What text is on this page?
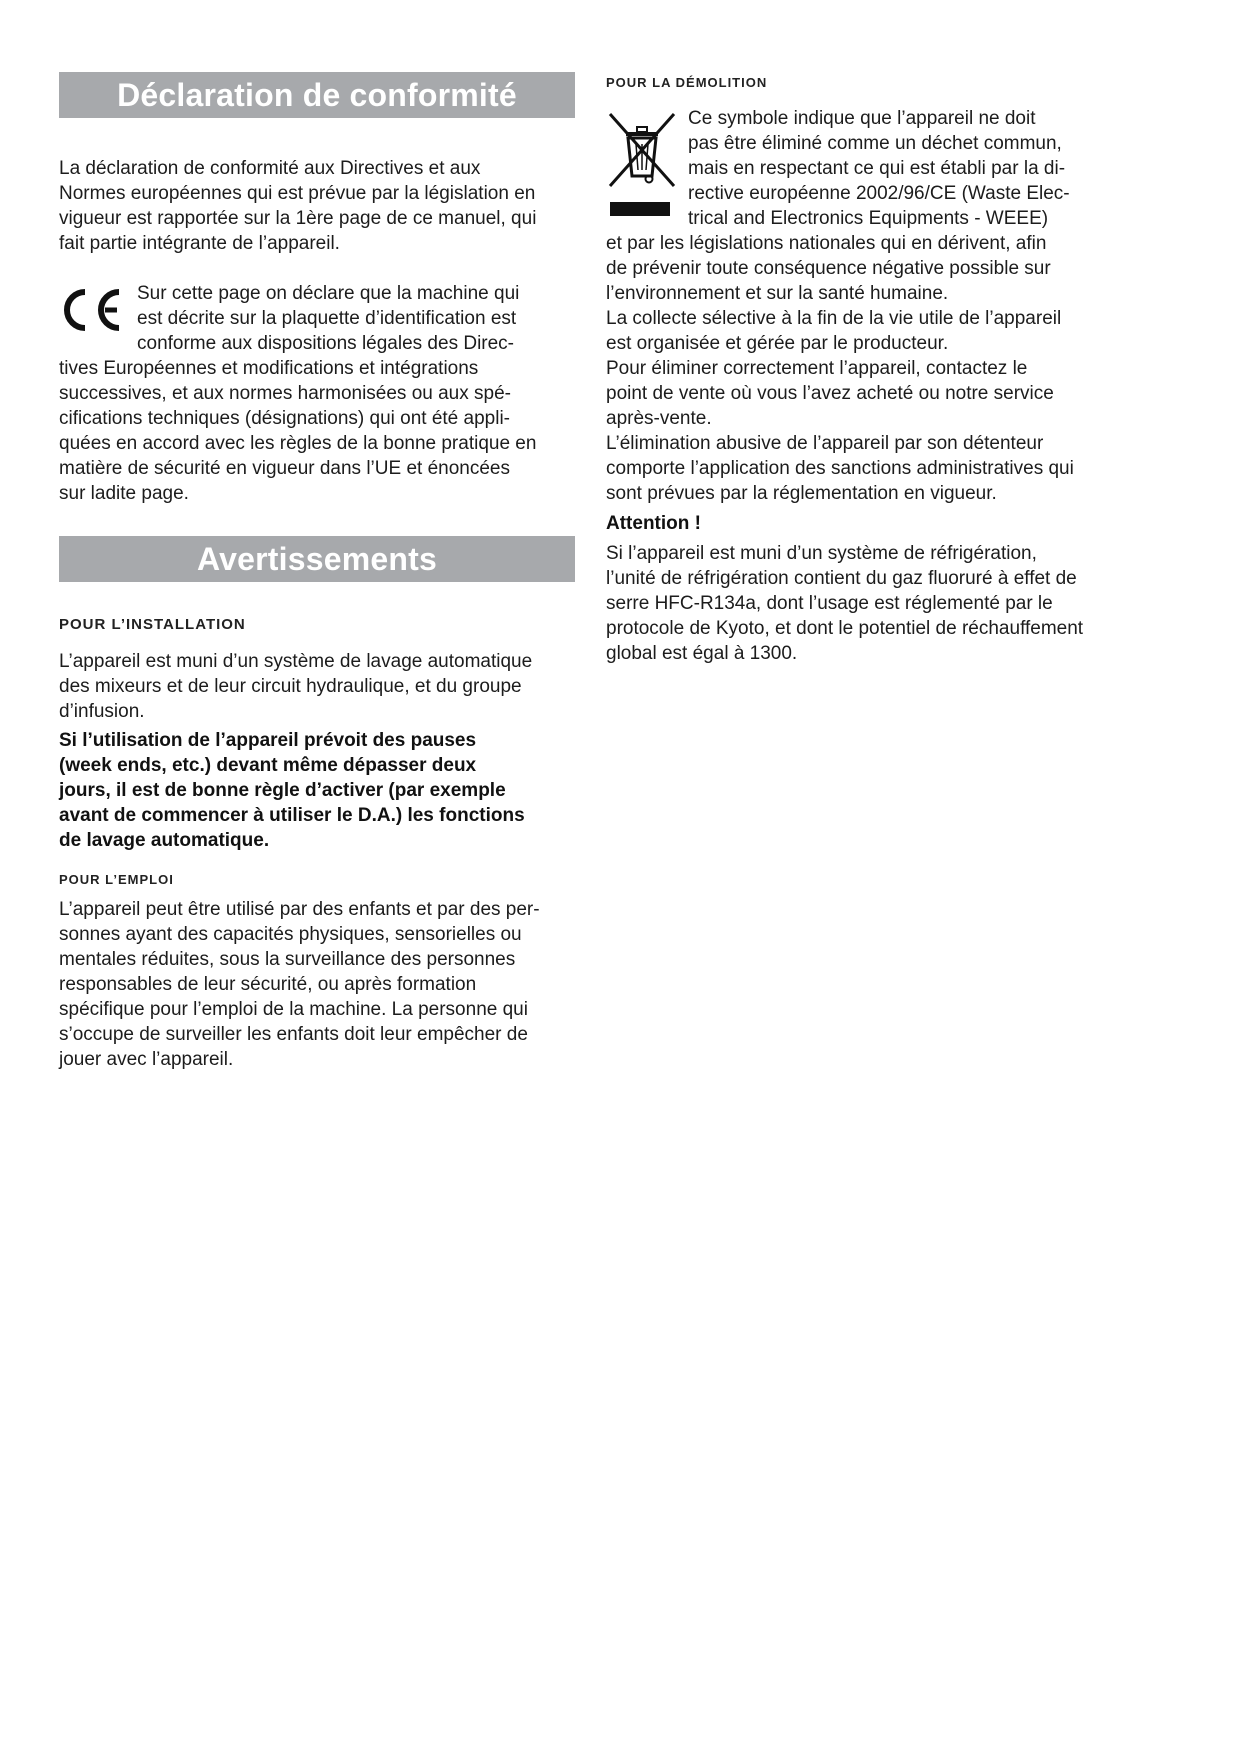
Déclaration de conformité
La déclaration de conformité aux Directives et aux
Normes européennes qui est prévue par la législation en
vigueur est rapportée sur la 1ère page de ce manuel, qui
fait partie intégrante de l’appareil.
Sur cette page on déclare que la machine qui
est décrite sur la plaquette d’identification est
conforme aux dispositions légales des Direc-
tives Européennes et modifications et intégrations
successives, et aux normes harmonisées ou aux spé-
cifications techniques (désignations) qui ont été appli-
quées en accord avec les règles de la bonne pratique en
matière de sécurité en vigueur dans l’UE et énoncées
sur ladite page.
Avertissements
POUR L’INSTALLATION
L’appareil est muni d’un système de lavage automatique
des mixeurs et de leur circuit hydraulique, et du groupe
d’infusion.
Si l’utilisation de l’appareil prévoit des pauses
(week ends, etc.) devant même dépasser deux
jours, il est de bonne règle d’activer (par exemple
avant de commencer à utiliser le D.A.) les fonctions
de lavage automatique.
POUR L’EMPLOI
L’appareil peut être utilisé par des enfants et par des per-
sonnes ayant des capacités physiques, sensorielles ou
mentales réduites, sous la surveillance des personnes
responsables de leur sécurité, ou après formation
spécifique pour l’emploi de la machine. La personne qui
s’occupe de surveiller les enfants doit leur empêcher de
jouer avec l’appareil.
POUR LA DÉMOLITION
Ce symbole indique que l’appareil ne doit
pas être éliminé comme un déchet commun,
mais en respectant ce qui est établi par la di-
rective européenne 2002/96/CE (Waste Elec-
trical and Electronics Equipments - WEEE)
et par les législations nationales qui en dérivent, afin
de prévenir toute conséquence négative possible sur
l’environnement et sur la santé humaine.
La collecte sélective à la fin de la vie utile de l’appareil
est organisée et gérée par le producteur.
Pour éliminer correctement l’appareil, contactez le
point de vente où vous l’avez acheté ou notre service
après-vente.
L’élimination abusive de l’appareil par son détenteur
comporte l’application des sanctions administratives qui
sont prévues par la réglementation en vigueur.
Attention !
Si l’appareil est muni d’un système de réfrigération,
l’unité de réfrigération contient du gaz fluoruré à effet de
serre HFC-R134a, dont l’usage est réglementé par le
protocole de Kyoto, et dont le potentiel de réchauffement
global est égal à 1300.
